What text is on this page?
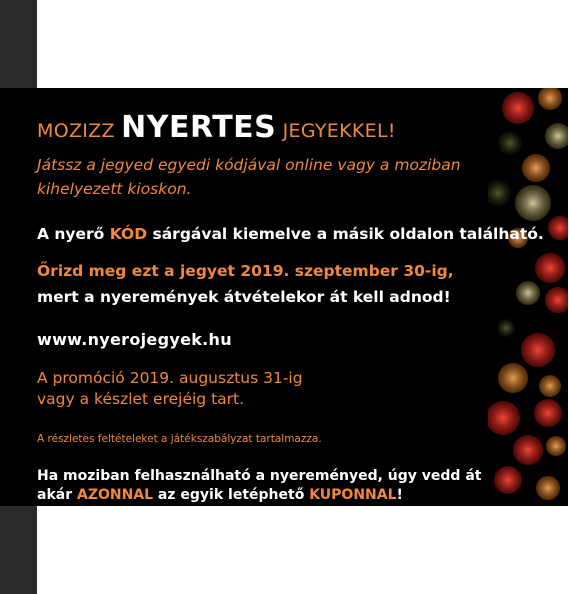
MOZIZZ NYERTES JEGYEKKEL!
Játssz a jegyed egyedi kódjával online vagy a moziban
kihelyezett kioskon.
A nyerő KÓD sárgával kiemelve a másik oldalon található.
Őrizd meg ezt a jegyet 2019. szeptember 30-ig,
mert a nyeremények átvételekor át kell adnod!
www.nyerojegyek.hu
A promóció 2019. augusztus 31-ig
vagy a készlet erejéig tart.
A részletes feltételeket a játékszabályzat tartalmazza.
Ha moziban felhasználható a nyereményed, úgy vedd át
akár AZONNAL az egyik letéphető KUPONNAL!
